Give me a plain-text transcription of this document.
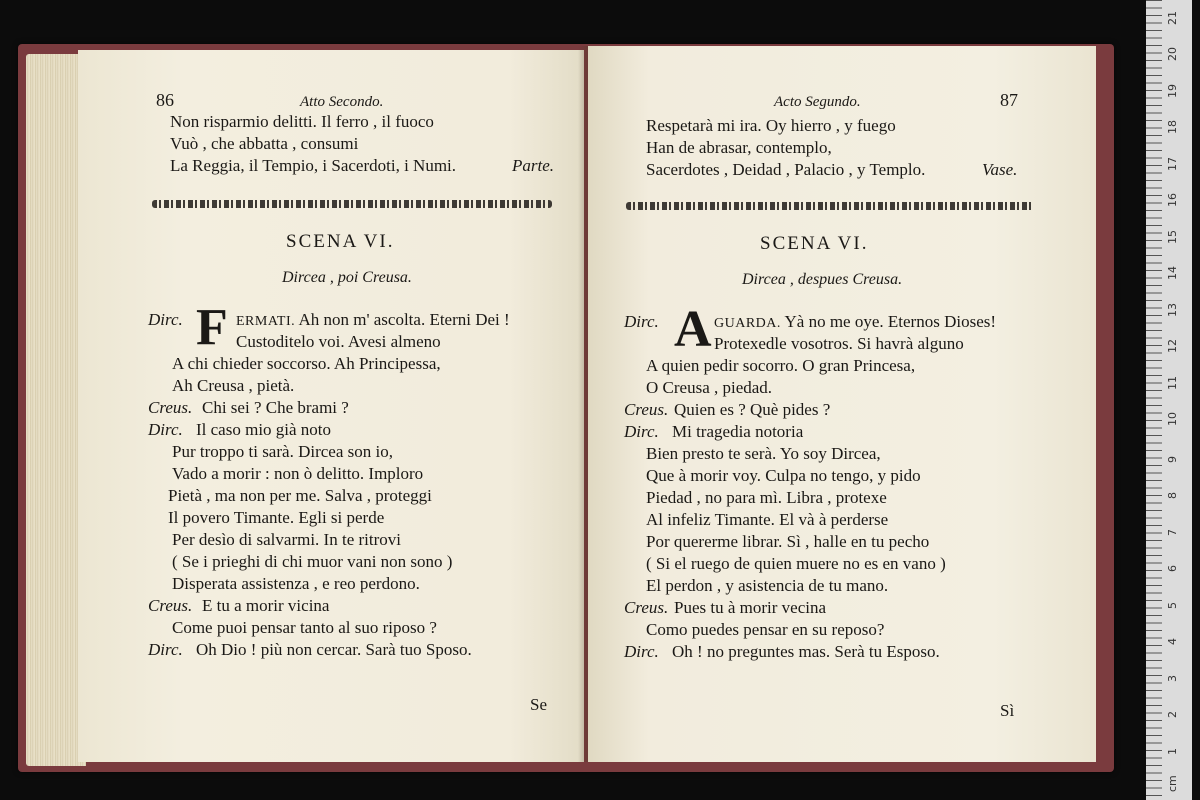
86	Atto Secondo.
Non risparmio delitti. Il ferro , il fuoco
Vuò , che abbatta , consumi
La Reggia, il Tempio, i Sacerdoti, i Numi.	Parte.
SCENA VI.
Dircea , poi Creusa.
Dirc. F ERMATI. Ah non m' ascolta. Eterni Dei !
Custoditelo voi. Avesi almeno
A chi chieder soccorso. Ah Principessa,
Ah Creusa , pietà.
Creus. Chi sei ? Che brami ?
Dirc. Il caso mio già noto
Pur troppo ti sarà. Dircea son io,
Vado a morir : non ò delitto. Imploro
Pietà , ma non per me. Salva , proteggi
Il povero Timante. Egli si perde
Per desìo di salvarmi. In te ritrovi
( Se i prieghi di chi muor vani non sono )
Disperata assistenza , e reo perdono.
Creus. E tu a morir vicina
Come puoi pensar tanto al suo riposo ?
Dirc. Oh Dio ! più non cercar. Sarà tuo Sposo.
Se
Acto Segundo.	87
Respetarà mi ira. Oy hierro , y fuego
Han de abrasar, contemplo,
Sacerdotes , Deidad , Palacio , y Templo.	Vase.
SCENA VI.
Dircea , despues Creusa.
Dirc. A GUARDA. Yà no me oye. Eternos Dioses!
Protexedle vosotros. Si havrà alguno
A quien pedir socorro. O gran Princesa,
O Creusa , piedad.
Creus. Quien es ? Què pides ?
Dirc. Mi tragedia notoria
Bien presto te serà. Yo soy Dircea,
Que à morir voy. Culpa no tengo, y pido
Piedad , no para mì. Libra , protexe
Al infeliz Timante. El và à perderse
Por quererme librar. Sì , halle en tu pecho
( Si el ruego de quien muere no es en vano )
El perdon , y asistencia de tu mano.
Creus. Pues tu à morir vecina
Como puedes pensar en su reposo?
Dirc. Oh ! no preguntes mas. Serà tu Esposo.
Sì
1
2
3
4
5
6
7
8
9
10
11
12
13
14
15
16
17
18
19
20
21
cm
